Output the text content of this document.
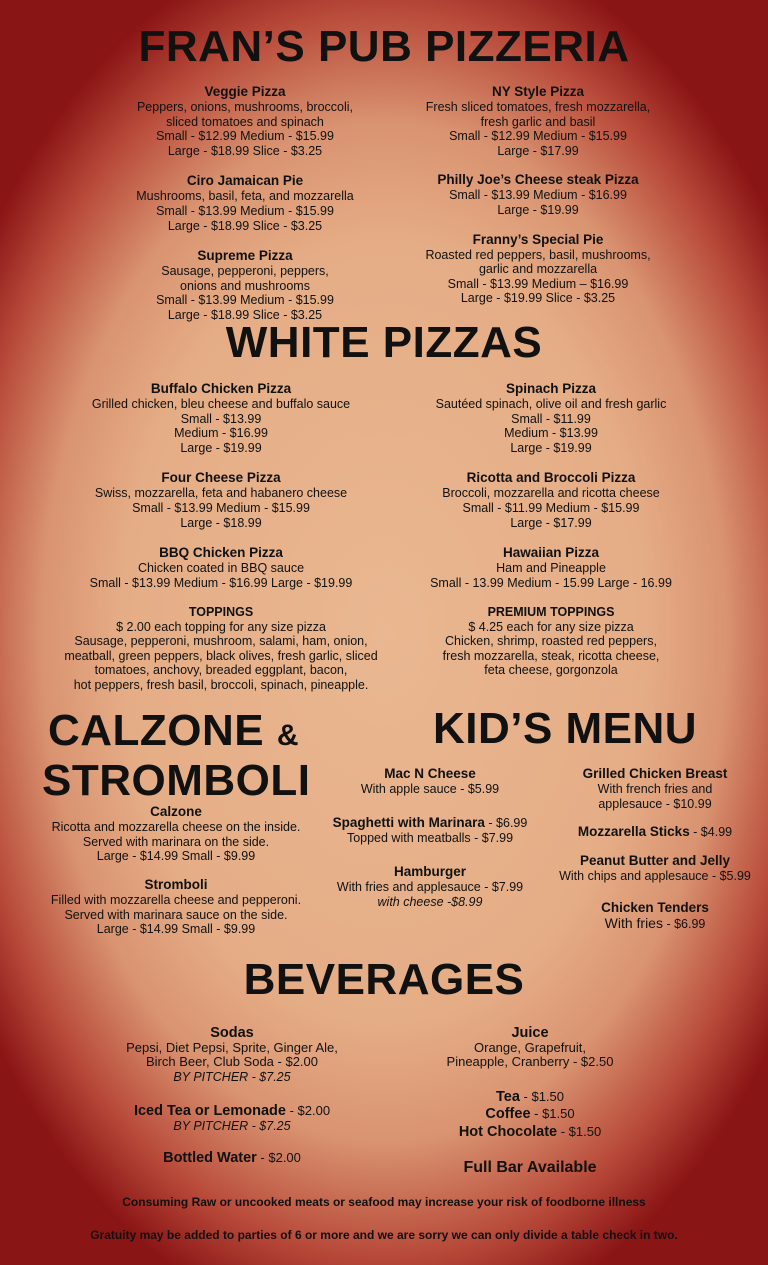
FRAN’S PUB PIZZERIA
Veggie Pizza
Peppers, onions, mushrooms, broccoli,
sliced tomatoes and spinach
Small - $12.99 Medium - $15.99
Large - $18.99 Slice - $3.25
Ciro Jamaican Pie
Mushrooms, basil, feta, and mozzarella
Small - $13.99 Medium - $15.99
Large - $18.99 Slice - $3.25
Supreme Pizza
Sausage, pepperoni, peppers,
onions and mushrooms
Small - $13.99 Medium - $15.99
Large - $18.99 Slice - $3.25
NY Style Pizza
Fresh sliced tomatoes, fresh mozzarella,
fresh garlic and basil
Small - $12.99 Medium - $15.99
Large - $17.99
Philly Joe’s Cheese steak Pizza
Small - $13.99 Medium - $16.99
Large - $19.99
Franny’s Special Pie
Roasted red peppers, basil, mushrooms,
garlic and mozzarella
Small - $13.99 Medium – $16.99
Large - $19.99 Slice - $3.25
WHITE PIZZAS
Buffalo Chicken Pizza
Grilled chicken, bleu cheese and buffalo sauce
Small - $13.99
Medium - $16.99
Large - $19.99
Four Cheese Pizza
Swiss, mozzarella, feta and habanero cheese
Small - $13.99 Medium - $15.99
Large - $18.99
BBQ Chicken Pizza
Chicken coated in BBQ sauce
Small - $13.99 Medium - $16.99 Large - $19.99
Spinach Pizza
Sautéed spinach, olive oil and fresh garlic
Small - $11.99
Medium - $13.99
Large - $19.99
Ricotta and Broccoli Pizza
Broccoli, mozzarella and ricotta cheese
Small - $11.99 Medium - $15.99
Large - $17.99
Hawaiian Pizza
Ham and Pineapple
Small - 13.99 Medium - 15.99 Large - 16.99
TOPPINGS
$ 2.00 each topping for any size pizza
Sausage, pepperoni, mushroom, salami, ham, onion,
meatball, green peppers, black olives, fresh garlic, sliced
tomatoes, anchovy, breaded eggplant, bacon,
hot peppers, fresh basil, broccoli, spinach, pineapple.
PREMIUM TOPPINGS
$ 4.25 each for any size pizza
Chicken, shrimp, roasted red peppers,
fresh mozzarella, steak, ricotta cheese,
feta cheese, gorgonzola
CALZONE &
STROMBOLI
Calzone
Ricotta and mozzarella cheese on the inside.
Served with marinara on the side.
Large - $14.99 Small - $9.99
Stromboli
Filled with mozzarella cheese and pepperoni.
Served with marinara sauce on the side.
Large - $14.99 Small - $9.99
KID’S MENU
Mac N Cheese
With apple sauce - $5.99
Spaghetti with Marinara - $6.99
Topped with meatballs - $7.99
Hamburger
With fries and applesauce - $7.99
with cheese -$8.99
Grilled Chicken Breast
With french fries and
applesauce - $10.99
Mozzarella Sticks - $4.99
Peanut Butter and Jelly
With chips and applesauce - $5.99
Chicken Tenders
With fries - $6.99
BEVERAGES
Sodas
Pepsi, Diet Pepsi, Sprite, Ginger Ale,
Birch Beer, Club Soda - $2.00
BY PITCHER - $7.25
Iced Tea or Lemonade - $2.00
BY PITCHER - $7.25
Bottled Water - $2.00
Juice
Orange, Grapefruit,
Pineapple, Cranberry - $2.50
Tea - $1.50
Coffee - $1.50
Hot Chocolate - $1.50
Full Bar Available
Consuming Raw or uncooked meats or seafood may increase your risk of foodborne illness
Gratuity may be added to parties of 6 or more and we are sorry we can only divide a table check in two.
